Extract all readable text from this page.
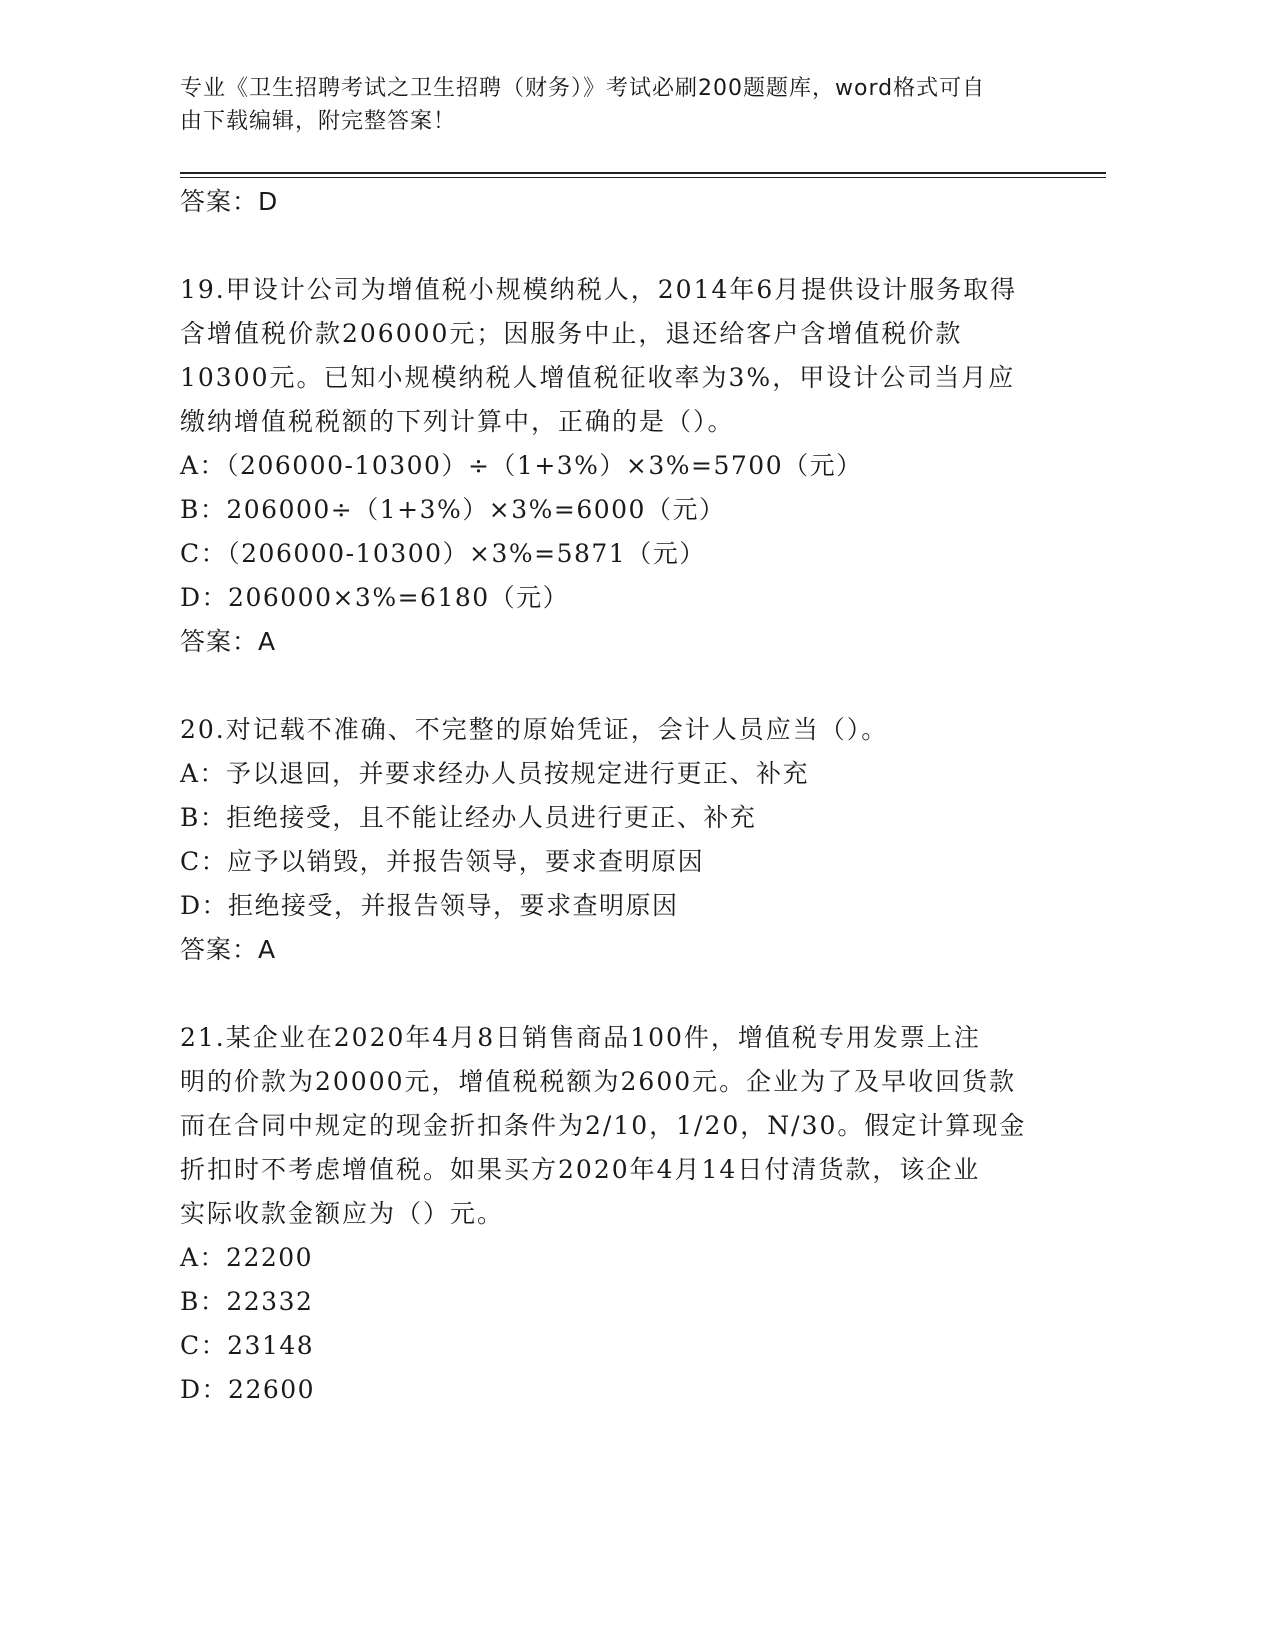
专业《卫生招聘考试之卫生招聘（财务）》考试必刷200题题库，word格式可自
由下载编辑，附完整答案！
答案：D
19.甲设计公司为增值税小规模纳税人，2014年6月提供设计服务取得
含增值税价款206000元；因服务中止，退还给客户含增值税价款
10300元。已知小规模纳税人增值税征收率为3%，甲设计公司当月应
缴纳增值税税额的下列计算中，正确的是（）。
A：（206000-10300）÷（1+3%）×3%=5700（元）
B：206000÷（1+3%）×3%=6000（元）
C：（206000-10300）×3%=5871（元）
D：206000×3%=6180（元）
答案：A
20.对记载不准确、不完整的原始凭证，会计人员应当（）。
A：予以退回，并要求经办人员按规定进行更正、补充
B：拒绝接受，且不能让经办人员进行更正、补充
C：应予以销毁，并报告领导，要求查明原因
D：拒绝接受，并报告领导，要求查明原因
答案：A
21.某企业在2020年4月8日销售商品100件，增值税专用发票上注
明的价款为20000元，增值税税额为2600元。企业为了及早收回货款
而在合同中规定的现金折扣条件为2/10，1/20，N/30。假定计算现金
折扣时不考虑增值税。如果买方2020年4月14日付清货款，该企业
实际收款金额应为（）元。
A：22200
B：22332
C：23148
D：22600
